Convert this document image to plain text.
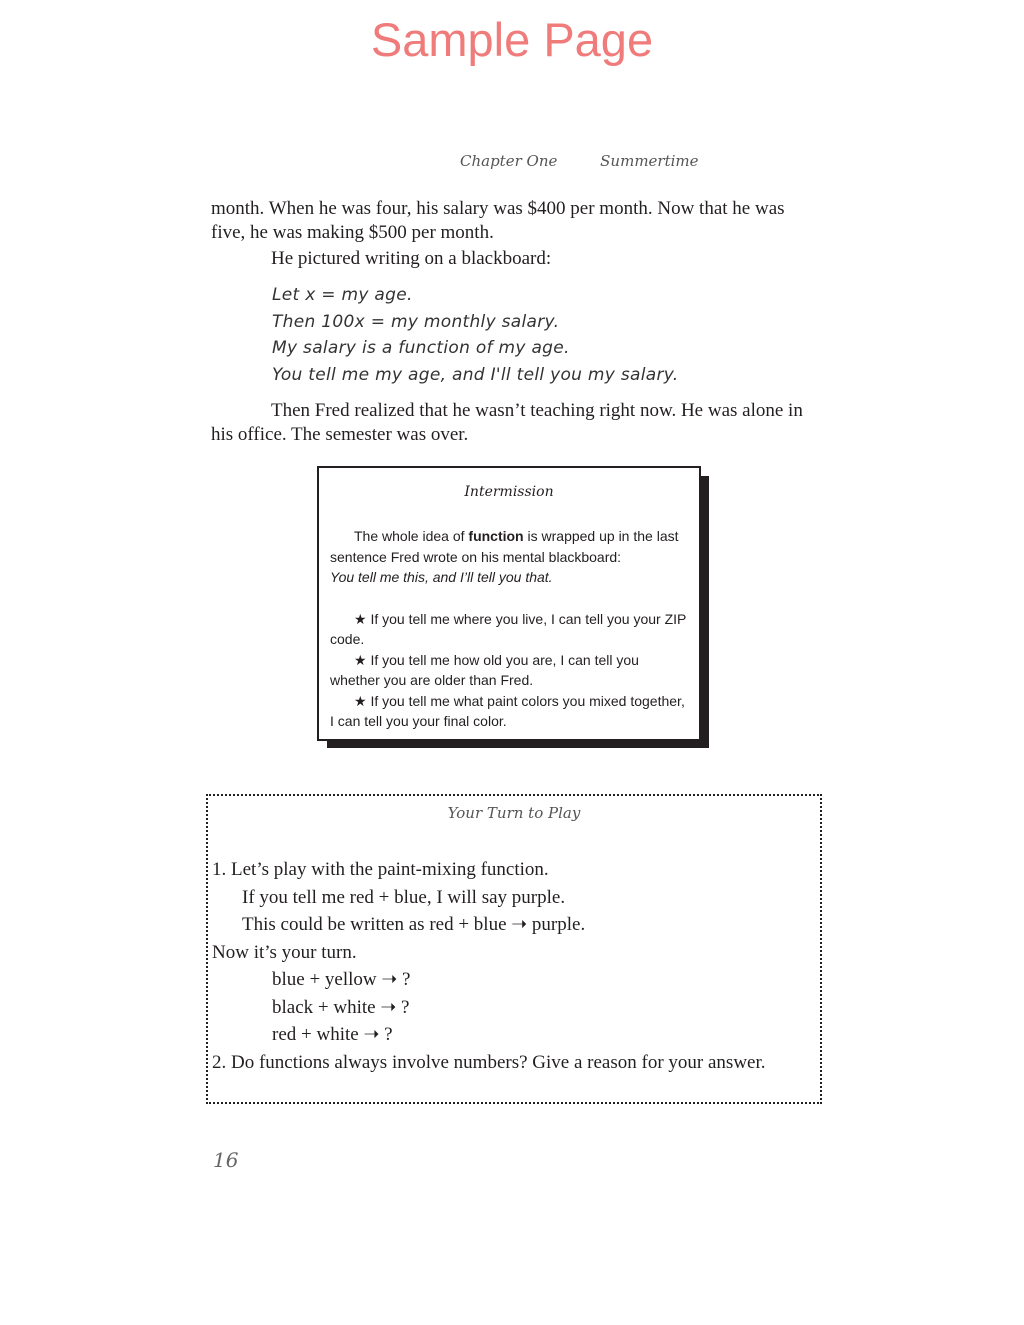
Sample Page
Chapter One	Summertime
month. When he was four, his salary was $400 per month. Now that he was five, he was making $500 per month.
He pictured writing on a blackboard:
Let x = my age.
Then 100x = my monthly salary.
My salary is a function of my age.
You tell me my age, and I'll tell you my salary.
Then Fred realized that he wasn’t teaching right now. He was alone in his office. The semester was over.
Intermission

The whole idea of function is wrapped up in the last sentence Fred wrote on his mental blackboard:

You tell me this, and I’ll tell you that.

★ If you tell me where you live, I can tell you your ZIP code.

★ If you tell me how old you are, I can tell you whether you are older than Fred.

★ If you tell me what paint colors you mixed together, I can tell you your final color.

Your Turn to Play
1. Let’s play with the paint-mixing function.
If you tell me red + blue, I will say purple.
This could be written as red + blue ➝ purple.
Now it’s your turn.
blue + yellow ➝ ?
black + white ➝ ?
red + white ➝ ?
2. Do functions always involve numbers? Give a reason for your answer.
16
